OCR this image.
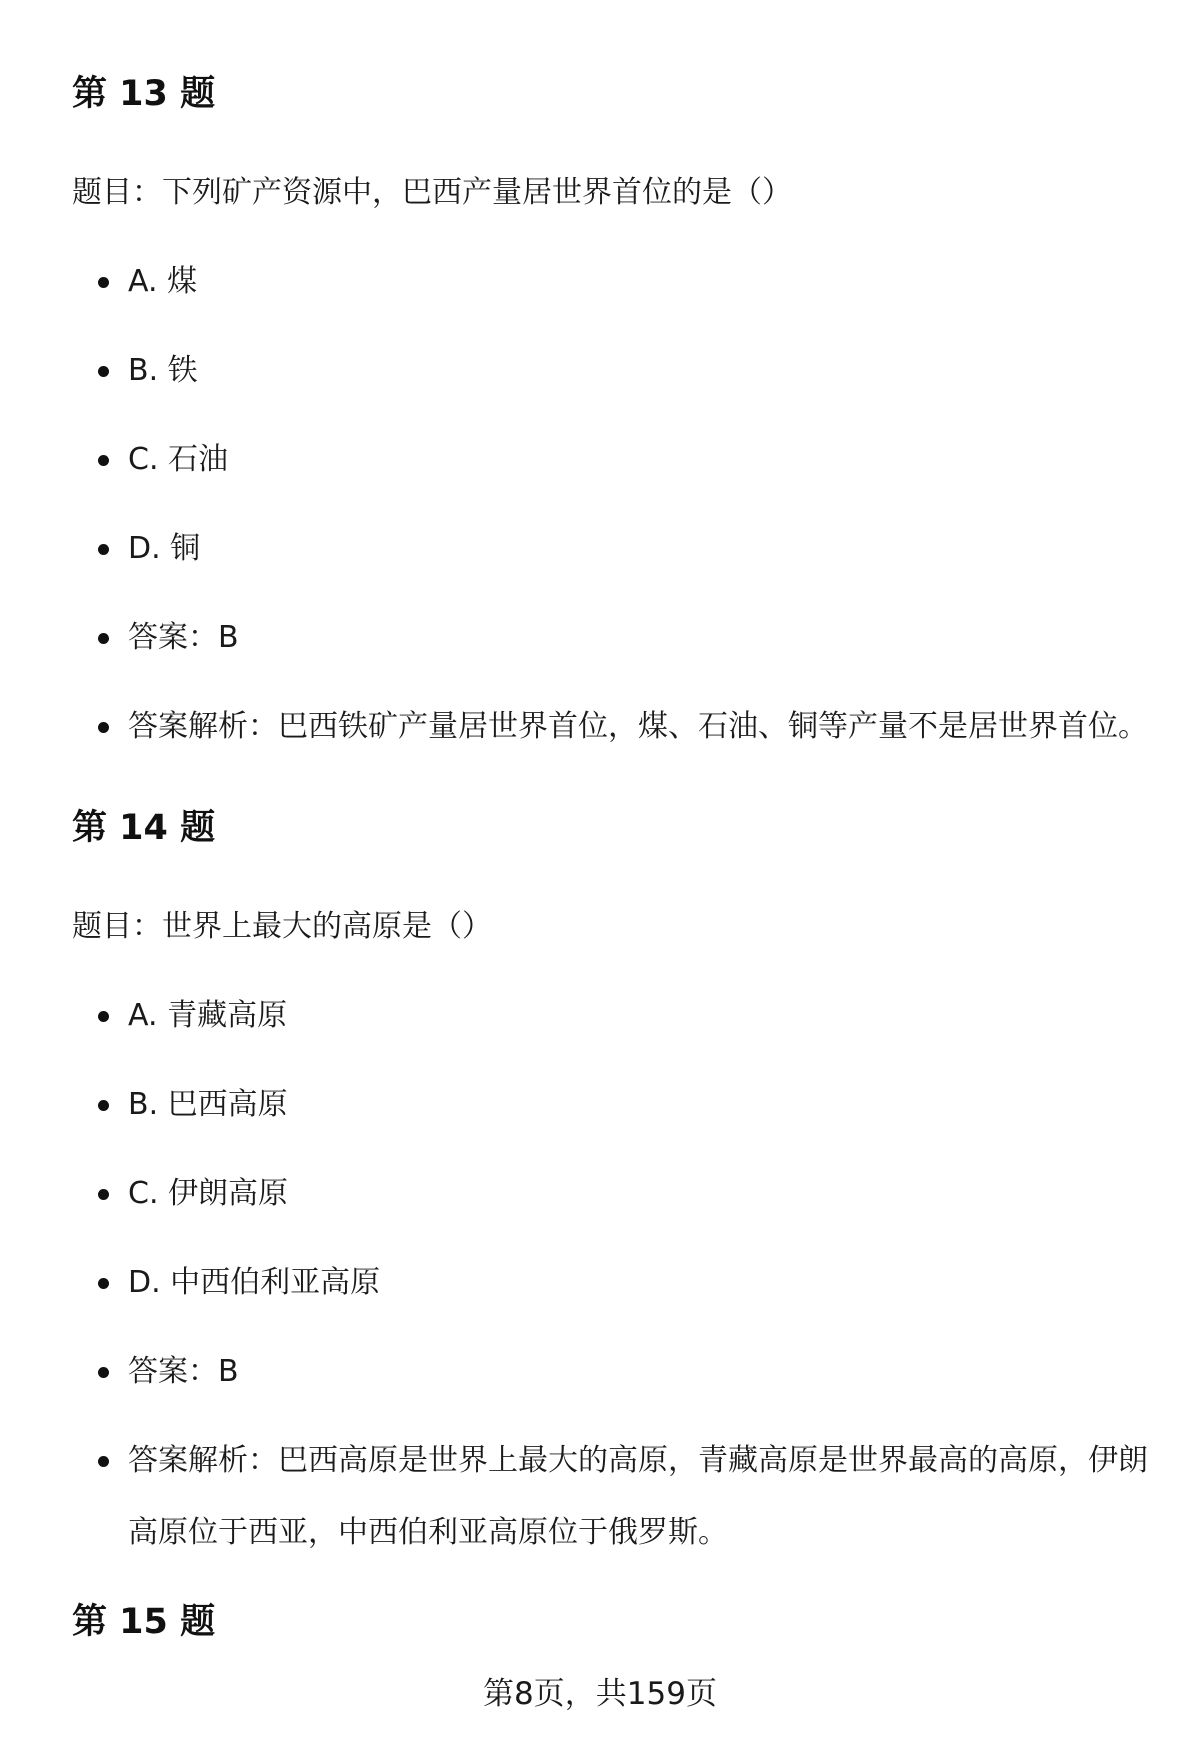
第 13 题

题目：下列矿产资源中，巴西产量居世界首位的是（）

A. 煤
B. 铁
C. 石油
D. 铜
答案：B
答案解析：巴西铁矿产量居世界首位，煤、石油、铜等产量不是居世界首位。
第 14 题

题目：世界上最大的高原是（）

A. 青藏高原
B. 巴西高原
C. 伊朗高原
D. 中西伯利亚高原
答案：B
答案解析：巴西高原是世界上最大的高原，青藏高原是世界最高的高原，伊朗高原位于西亚，中西伯利亚高原位于俄罗斯。
第 15 题
第8页，共159页
